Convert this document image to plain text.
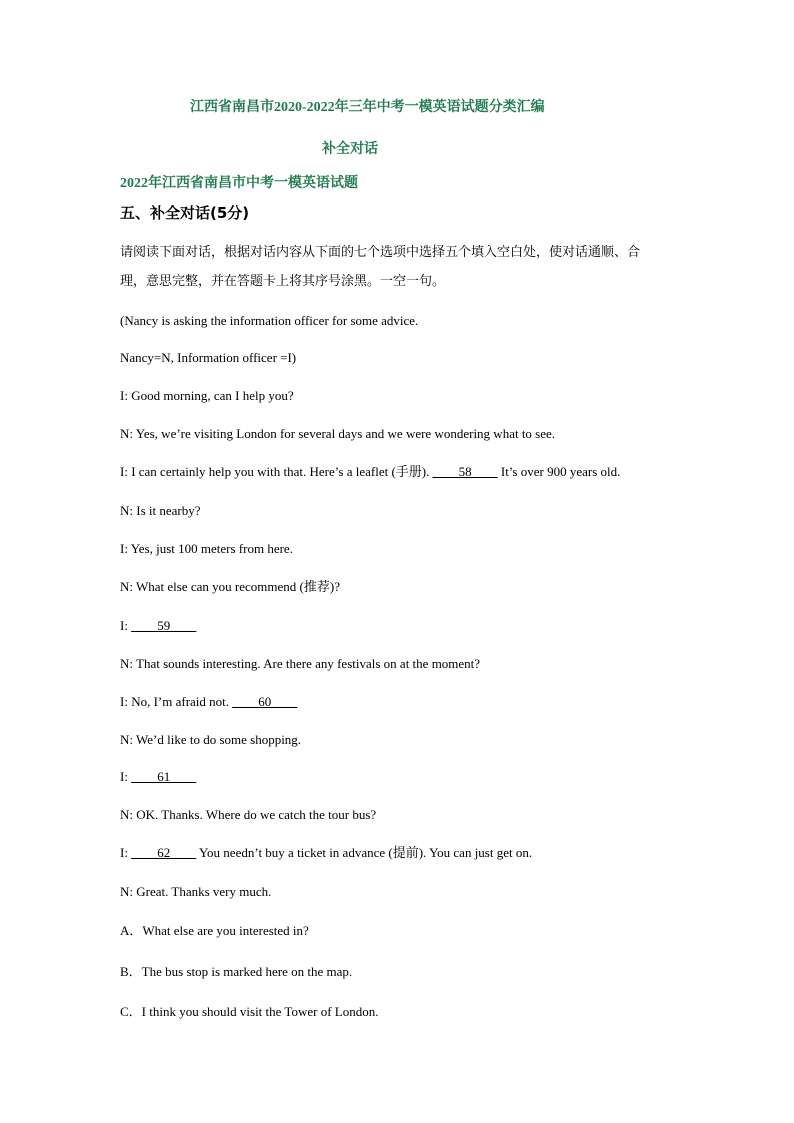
江西省南昌市2020-2022年三年中考一模英语试题分类汇编
补全对话
2022年江西省南昌市中考一模英语试题
五、补全对话(5分)
请阅读下面对话，根据对话内容从下面的七个选项中选择五个填入空白处，使对话通顺、合
理，意思完整，并在答题卡上将其序号涂黑。一空一句。
(Nancy is asking the information officer for some advice.
Nancy=N, Information officer =I)
I: Good morning, can I help you?
N: Yes, we’re visiting London for several days and we were wondering what to see.
I: I can certainly help you with that. Here’s a leaflet (手册). ____58____ It’s over 900 years old.
N: Is it nearby?
I: Yes, just 100 meters from here.
N: What else can you recommend (推荐)?
I: ____59____
N: That sounds interesting. Are there any festivals on at the moment?
I: No, I’m afraid not. ____60____
N: We’d like to do some shopping.
I: ____61____
N: OK. Thanks. Where do we catch the tour bus?
I: ____62____ You needn’t buy a ticket in advance (提前). You can just get on.
N: Great. Thanks very much.
A．What else are you interested in?
B．The bus stop is marked here on the map.
C．I think you should visit the Tower of London.
